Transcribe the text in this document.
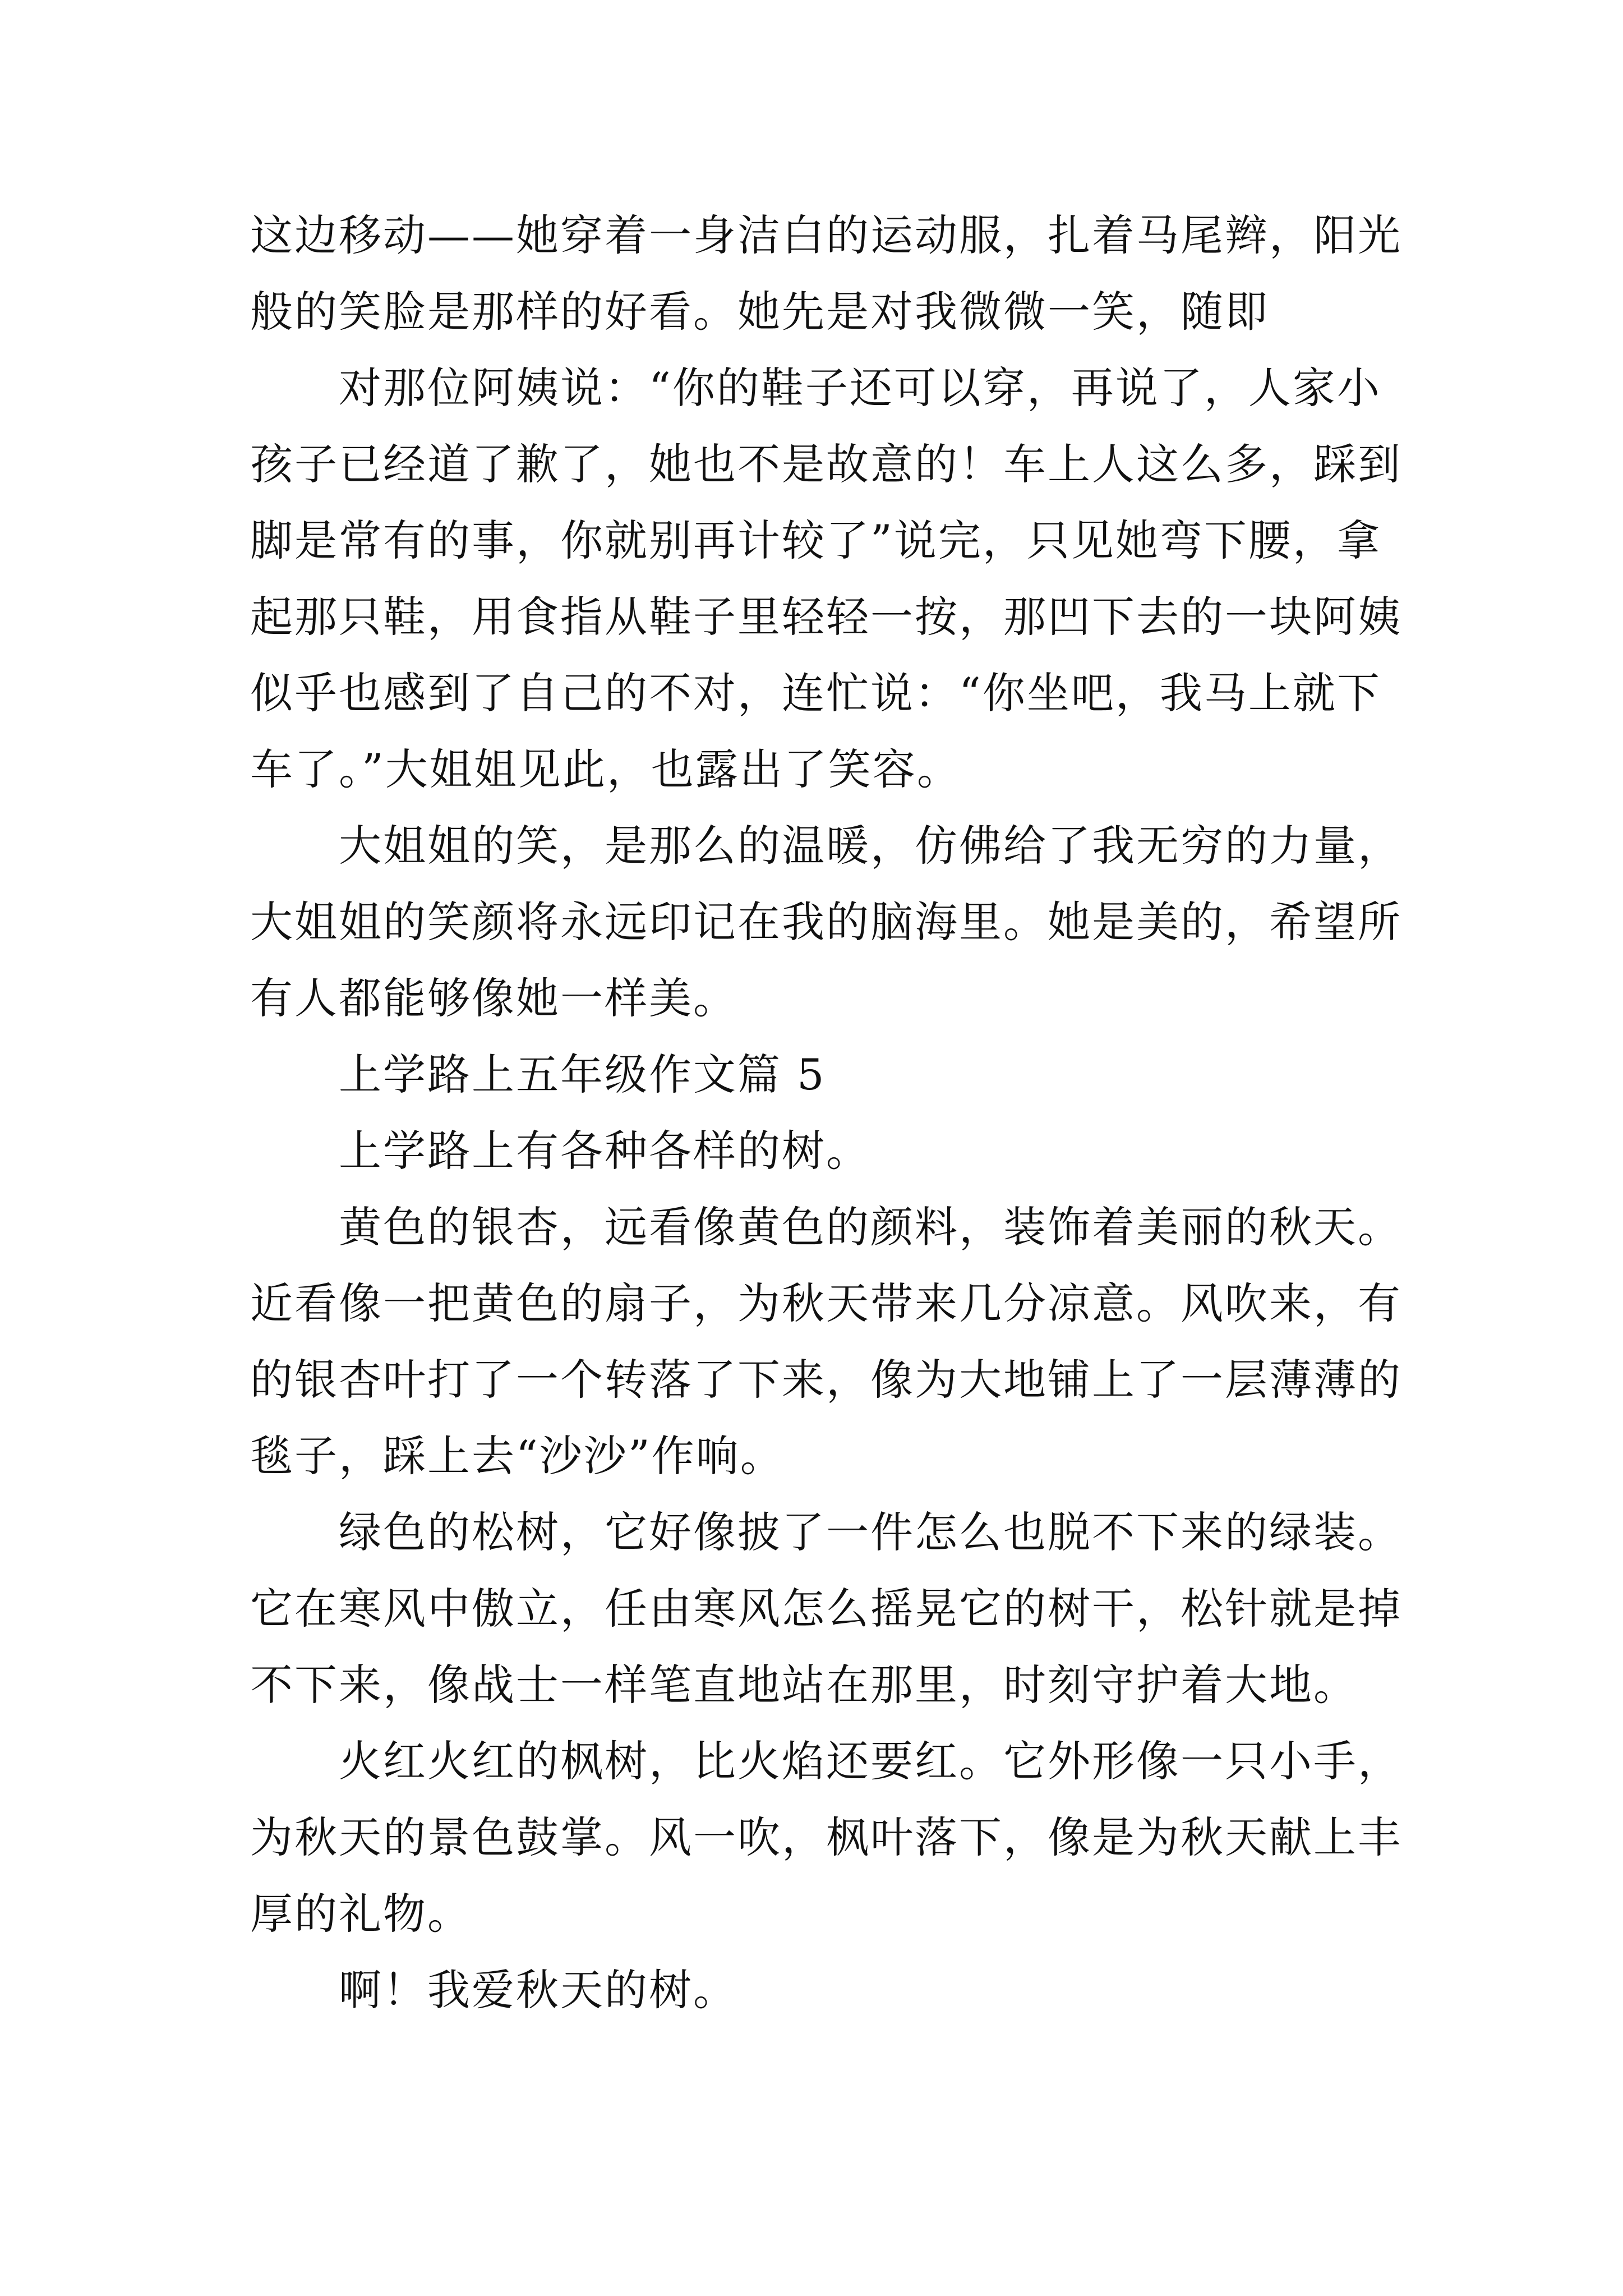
这边移动——她穿着一身洁白的运动服，扎着马尾辫，阳光

般的笑脸是那样的好看。她先是对我微微一笑，随即

对那位阿姨说：“你的鞋子还可以穿，再说了，人家小

孩子已经道了歉了，她也不是故意的！车上人这么多，踩到

脚是常有的事，你就别再计较了”说完，只见她弯下腰，拿

起那只鞋，用食指从鞋子里轻轻一按，那凹下去的一块阿姨

似乎也感到了自己的不对，连忙说：“你坐吧，我马上就下

车了。”大姐姐见此，也露出了笑容。

大姐姐的笑，是那么的温暖，仿佛给了我无穷的力量，

大姐姐的笑颜将永远印记在我的脑海里。她是美的，希望所

有人都能够像她一样美。

上学路上五年级作文篇 5

上学路上有各种各样的树。

黄色的银杏，远看像黄色的颜料，装饰着美丽的秋天。

近看像一把黄色的扇子，为秋天带来几分凉意。风吹来，有

的银杏叶打了一个转落了下来，像为大地铺上了一层薄薄的

毯子，踩上去“沙沙”作响。

绿色的松树，它好像披了一件怎么也脱不下来的绿装。

它在寒风中傲立，任由寒风怎么摇晃它的树干，松针就是掉

不下来，像战士一样笔直地站在那里，时刻守护着大地。

火红火红的枫树，比火焰还要红。它外形像一只小手，

为秋天的景色鼓掌。风一吹，枫叶落下，像是为秋天献上丰

厚的礼物。

啊！我爱秋天的树。
